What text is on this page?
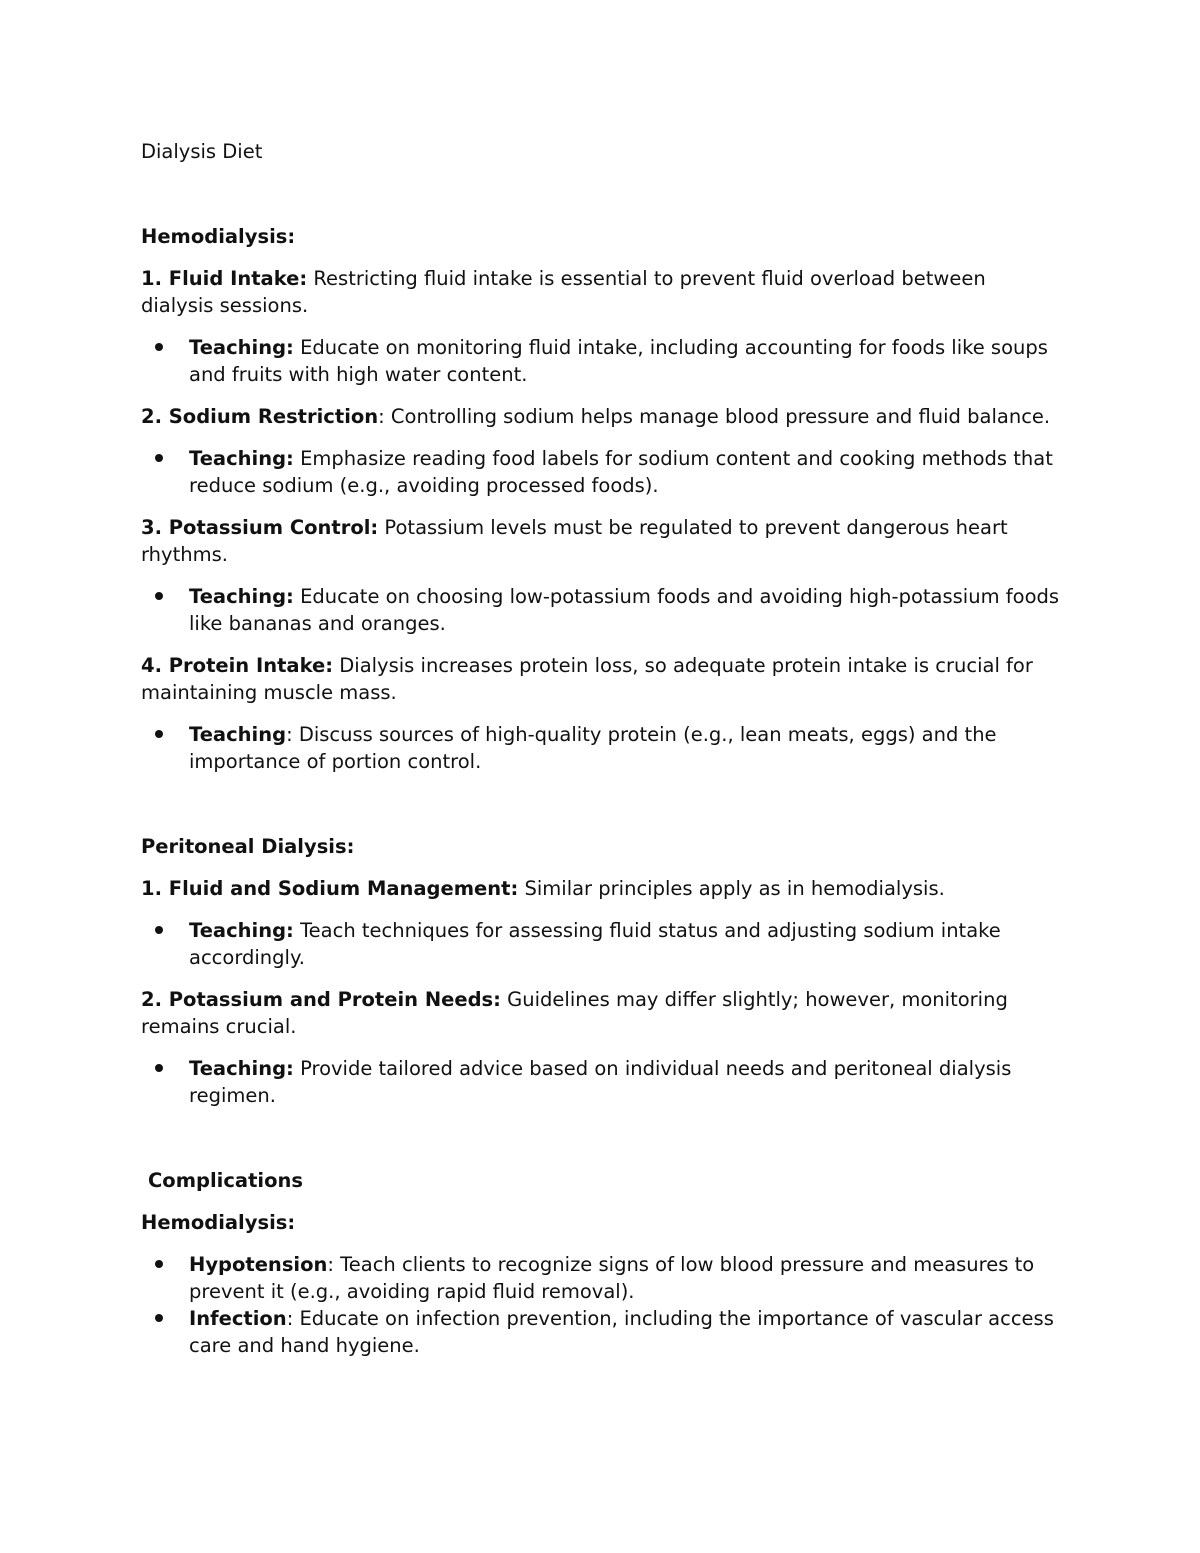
Dialysis Diet
Hemodialysis:
1. Fluid Intake: Restricting fluid intake is essential to prevent fluid overload between dialysis sessions.
Teaching: Educate on monitoring fluid intake, including accounting for foods like soups and fruits with high water content.
2. Sodium Restriction: Controlling sodium helps manage blood pressure and fluid balance.
Teaching: Emphasize reading food labels for sodium content and cooking methods that reduce sodium (e.g., avoiding processed foods).
3. Potassium Control: Potassium levels must be regulated to prevent dangerous heart rhythms.
Teaching: Educate on choosing low-potassium foods and avoiding high-potassium foods like bananas and oranges.
4. Protein Intake: Dialysis increases protein loss, so adequate protein intake is crucial for maintaining muscle mass.
Teaching: Discuss sources of high-quality protein (e.g., lean meats, eggs) and the importance of portion control.
Peritoneal Dialysis:
1. Fluid and Sodium Management: Similar principles apply as in hemodialysis.
Teaching: Teach techniques for assessing fluid status and adjusting sodium intake accordingly.
2. Potassium and Protein Needs: Guidelines may differ slightly; however, monitoring remains crucial.
Teaching: Provide tailored advice based on individual needs and peritoneal dialysis regimen.
Complications
Hemodialysis:
Hypotension: Teach clients to recognize signs of low blood pressure and measures to prevent it (e.g., avoiding rapid fluid removal).
Infection: Educate on infection prevention, including the importance of vascular access care and hand hygiene.
